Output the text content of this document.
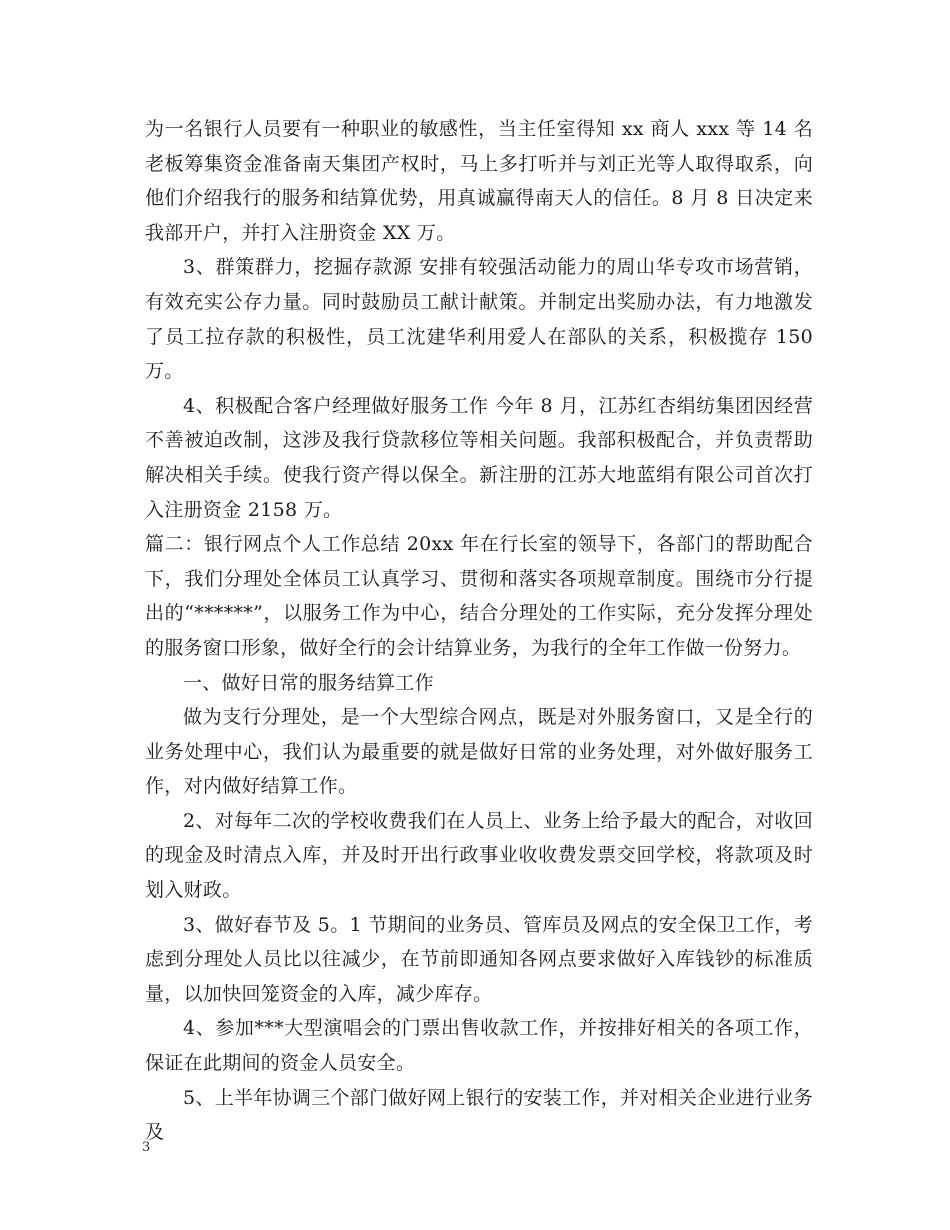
为一名银行人员要有一种职业的敏感性，当主任室得知 xx 商人 xxx 等 14 名老板筹集资金准备南天集团产权时，马上多打听并与刘正光等人取得取系，向他们介绍我行的服务和结算优势，用真诚赢得南天人的信任。8 月 8 日决定来我部开户，并打入注册资金 XX 万。

3、群策群力，挖掘存款源 安排有较强活动能力的周山华专攻市场营销，有效充实公存力量。同时鼓励员工献计献策。并制定出奖励办法，有力地激发了员工拉存款的积极性，员工沈建华利用爱人在部队的关系，积极揽存 150 万。

4、积极配合客户经理做好服务工作 今年 8 月，江苏红杏绢纺集团因经营不善被迫改制，这涉及我行贷款移位等相关问题。我部积极配合，并负责帮助解决相关手续。使我行资产得以保全。新注册的江苏大地蓝绢有限公司首次打入注册资金 2158 万。

篇二：银行网点个人工作总结 20xx 年在行长室的领导下，各部门的帮助配合下，我们分理处全体员工认真学习、贯彻和落实各项规章制度。围绕市分行提出的“******”，以服务工作为中心，结合分理处的工作实际，充分发挥分理处的服务窗口形象，做好全行的会计结算业务，为我行的全年工作做一份努力。

一、做好日常的服务结算工作

做为支行分理处，是一个大型综合网点，既是对外服务窗口，又是全行的业务处理中心，我们认为最重要的就是做好日常的业务处理，对外做好服务工作，对内做好结算工作。

2、对每年二次的学校收费我们在人员上、业务上给予最大的配合，对收回的现金及时清点入库，并及时开出行政事业收收费发票交回学校，将款项及时划入财政。

3、做好春节及 5。1 节期间的业务员、管库员及网点的安全保卫工作，考虑到分理处人员比以往减少，在节前即通知各网点要求做好入库钱钞的标准质量，以加快回笼资金的入库，减少库存。

4、参加***大型演唱会的门票出售收款工作，并按排好相关的各项工作，保证在此期间的资金人员安全。

5、上半年协调三个部门做好网上银行的安装工作，并对相关企业进行业务及

3
